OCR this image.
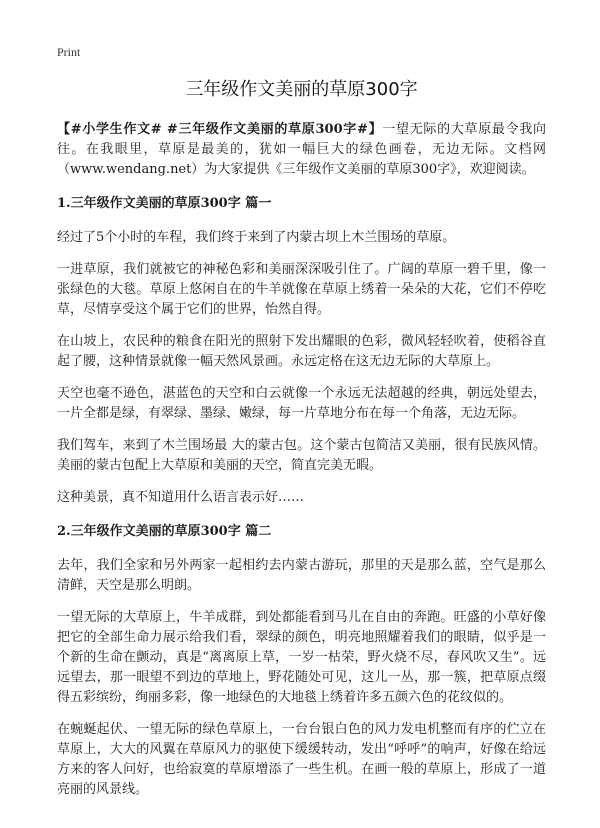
Print
三年级作文美丽的草原300字

【#小学生作文# #三年级作文美丽的草原300字#】一望无际的大草原最令我向往。在我眼里，草原是最美的，犹如一幅巨大的绿色画卷，无边无际。文档网（www.wendang.net）为大家提供《三年级作文美丽的草原300字》，欢迎阅读。

1.三年级作文美丽的草原300字 篇一

经过了5个小时的车程，我们终于来到了内蒙古坝上木兰围场的草原。

一进草原，我们就被它的神秘色彩和美丽深深吸引住了。广阔的草原一碧千里，像一张绿色的大毯。草原上悠闲自在的牛羊就像在草原上绣着一朵朵的大花，它们不停吃草，尽情享受这个属于它们的世界，怡然自得。

在山坡上，农民种的粮食在阳光的照射下发出耀眼的色彩，微风轻轻吹着，使稻谷直起了腰，这种情景就像一幅天然风景画。永远定格在这无边无际的大草原上。

天空也毫不逊色，湛蓝色的天空和白云就像一个永远无法超越的经典，朝远处望去，一片全都是绿，有翠绿、墨绿、嫩绿，每一片草地分布在每一个角落，无边无际。

我们驾车，来到了木兰围场最 大的蒙古包。这个蒙古包简洁又美丽，很有民族风情。美丽的蒙古包配上大草原和美丽的天空，简直完美无暇。

这种美景，真不知道用什么语言表示好……

2.三年级作文美丽的草原300字 篇二

去年，我们全家和另外两家一起相约去内蒙古游玩，那里的天是那么蓝，空气是那么清鲜，天空是那么明朗。

一望无际的大草原上，牛羊成群，到处都能看到马儿在自由的奔跑。旺盛的小草好像把它的全部生命力展示给我们看，翠绿的颜色，明亮地照耀着我们的眼睛，似乎是一个新的生命在颤动，真是“离离原上草，一岁一枯荣，野火烧不尽，春风吹又生”。远远望去，那一眼望不到边的草地上，野花随处可见，这儿一丛，那一簇，把草原点缀得五彩缤纷，绚丽多彩，像一地绿色的大地毯上绣着许多五颜六色的花纹似的。

在蜿蜒起伏、一望无际的绿色草原上，一台台银白色的风力发电机整而有序的伫立在草原上，大大的风翼在草原风力的驱使下缓缓转动，发出“呼呼”的响声，好像在给远方来的客人问好，也给寂寞的草原增添了一些生机。在画一般的草原上，形成了一道亮丽的风景线。
